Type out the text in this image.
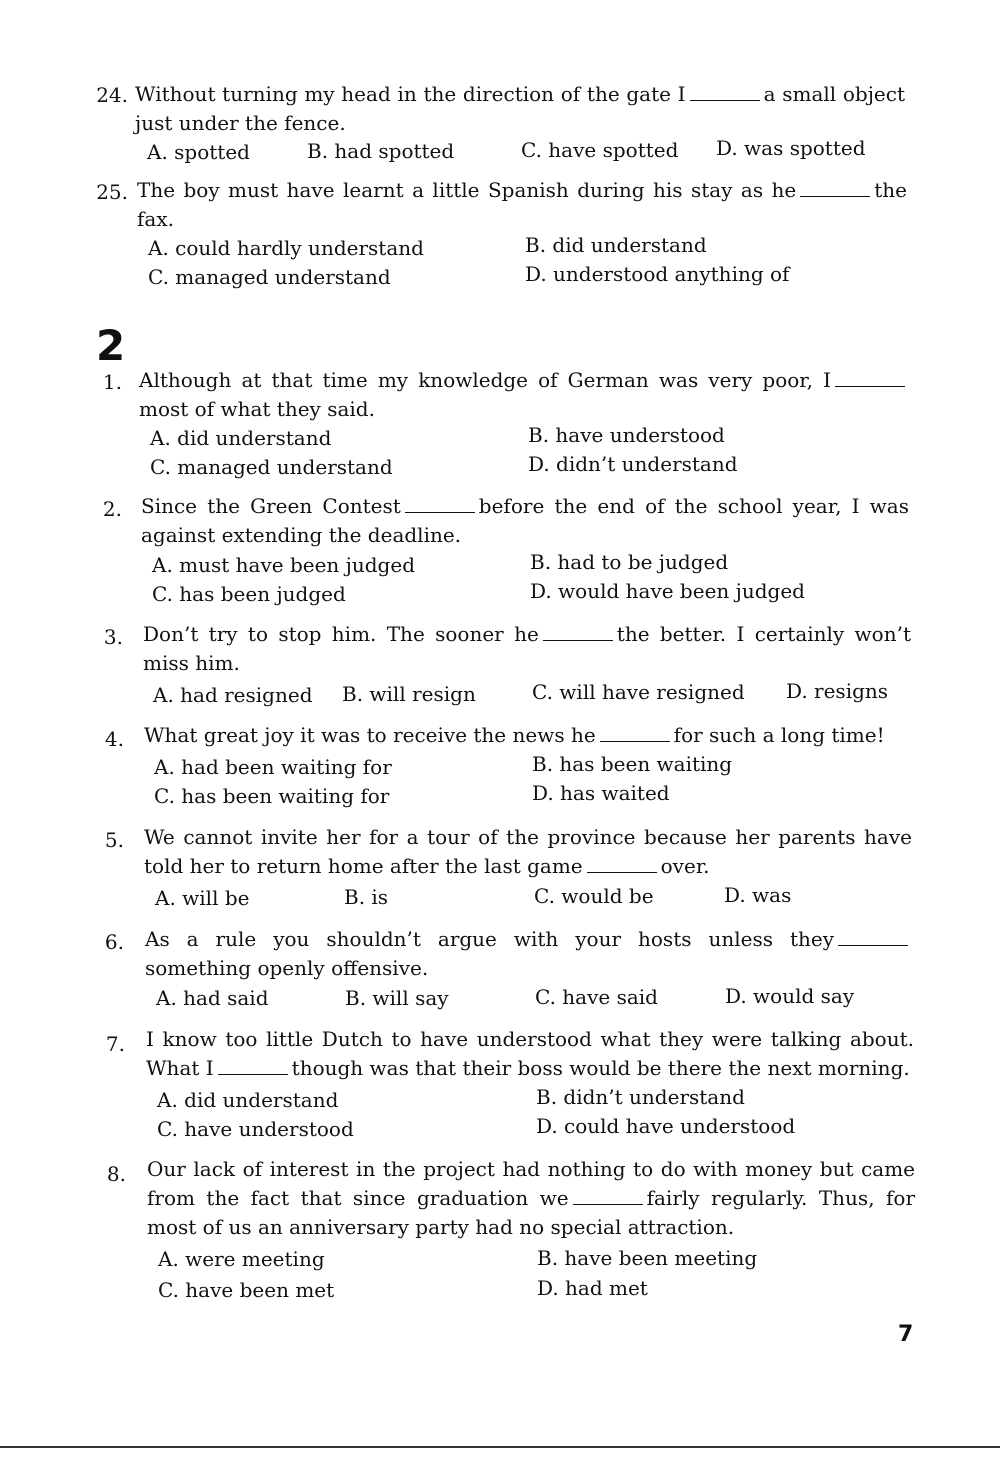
24. Without turning my head in the direction of the gate I	a small object just under the fence.
A. spotted	B. had spotted	C. have spotted D. was spotted
25. The boy must have learnt a little Spanish during his stay as he	the fax.
A. could hardly understand	B. did understand
C. managed understand	D. understood anything of
2
1. Although at that time my knowledge of German was very poor, Imost of what they said.
A. did understand	B. have understood
C. managed understand	D. didn’t understand
2. Since the Green Contest	before the end of the school year, I was against extending the deadline.
A. must have been judged	B. had to be judged
C. has been judged	D. would have been judged
3. Don’t try to stop him. The sooner he	the better. I certainly won’t miss him.
A. had resigned B. will resign	C. will have resigned D. resigns
4. What great joy it was to receive the news he	for such a long time!
A. had been waiting for	B. has been waiting
C. has been waiting for	D. has waited
5. We cannot invite her for a tour of the province because her parents have told her to return home after the last game	over.
A. will be	B. is	C. would be	D. was
6. As a rule you shouldn’t argue with your hosts unless theysomething openly offensive.
A. had said	B. will say	C. have said	D. would say
7. I know too little Dutch to have understood what they were talking about. What I	though was that their boss would be there the next morning.
A. did understand	B. didn’t understand
C. have understood	D. could have understood
8. Our lack of interest in the project had nothing to do with money but came from the fact that since graduation we	fairly regularly. Thus, for most of us an anniversary party had no special attraction.
A. were meeting	B. have been meeting
C. have been met	D. had met
7
